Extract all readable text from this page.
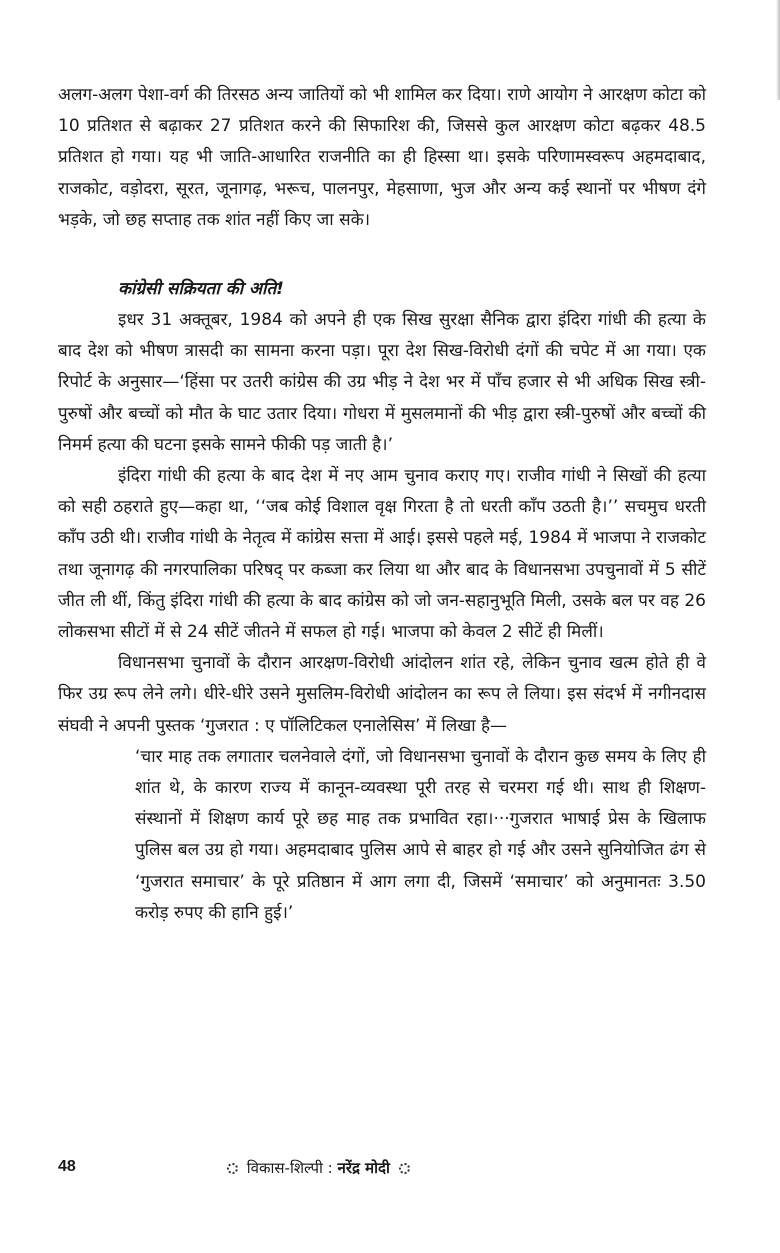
अलग-अलग पेशा-वर्ग की तिरसठ अन्य जातियों को भी शामिल कर दिया। राणे आयोग ने आरक्षण कोटा को 10 प्रतिशत से बढ़ाकर 27 प्रतिशत करने की सिफारिश की, जिससे कुल आरक्षण कोटा बढ़कर 48.5 प्रतिशत हो गया। यह भी जाति-आधारित राजनीति का ही हिस्सा था। इसके परिणामस्वरूप अहमदाबाद, राजकोट, वड़ोदरा, सूरत, जूनागढ़, भरूच, पालनपुर, मेहसाणा, भुज और अन्य कई स्थानों पर भीषण दंगे भड़के, जो छह सप्ताह तक शांत नहीं किए जा सके।

कांग्रेसी सक्रियता की अति!

इधर 31 अक्तूबर, 1984 को अपने ही एक सिख सुरक्षा सैनिक द्वारा इंदिरा गांधी की हत्या के बाद देश को भीषण त्रासदी का सामना करना पड़ा। पूरा देश सिख-विरोधी दंगों की चपेट में आ गया। एक रिपोर्ट के अनुसार—‘हिंसा पर उतरी कांग्रेस की उग्र भीड़ ने देश भर में पाँच हजार से भी अधिक सिख स्त्री-पुरुषों और बच्चों को मौत के घाट उतार दिया। गोधरा में मुसलमानों की भीड़ द्वारा स्त्री-पुरुषों और बच्चों की निमर्म हत्या की घटना इसके सामने फीकी पड़ जाती है।’

इंदिरा गांधी की हत्या के बाद देश में नए आम चुनाव कराए गए। राजीव गांधी ने सिखों की हत्या को सही ठहराते हुए—कहा था, ‘‘जब कोई विशाल वृक्ष गिरता है तो धरती काँप उठती है।’’ सचमुच धरती काँप उठी थी। राजीव गांधी के नेतृत्व में कांग्रेस सत्ता में आई। इससे पहले मई, 1984 में भाजपा ने राजकोट तथा जूनागढ़ की नगरपालिका परिषद् पर कब्जा कर लिया था और बाद के विधानसभा उपचुनावों में 5 सीटें जीत ली थीं, किंतु इंदिरा गांधी की हत्या के बाद कांग्रेस को जो जन-सहानुभूति मिली, उसके बल पर वह 26 लोकसभा सीटों में से 24 सीटें जीतने में सफल हो गई। भाजपा को केवल 2 सीटें ही मिलीं।

विधानसभा चुनावों के दौरान आरक्षण-विरोधी आंदोलन शांत रहे, लेकिन चुनाव खत्म होते ही वे फिर उग्र रूप लेने लगे। धीरे-धीरे उसने मुसलिम-विरोधी आंदोलन का रूप ले लिया। इस संदर्भ में नगीनदास संघवी ने अपनी पुस्तक ‘गुजरात : ए पॉलिटिकल एनालेसिस’ में लिखा है—

‘चार माह तक लगातार चलनेवाले दंगों, जो विधानसभा चुनावों के दौरान कुछ समय के लिए ही शांत थे, के कारण राज्य में कानून-व्यवस्था पूरी तरह से चरमरा गई थी। साथ ही शिक्षण-संस्थानों में शिक्षण कार्य पूरे छह माह तक प्रभावित रहा।···गुजरात भाषाई प्रेस के खिलाफ पुलिस बल उग्र हो गया। अहमदाबाद पुलिस आपे से बाहर हो गई और उसने सुनियोजित ढंग से ‘गुजरात समाचार’ के पूरे प्रतिष्ठान में आग लगा दी, जिसमें ‘समाचार’ को अनुमानतः 3.50 करोड़ रुपए की हानि हुई।’

48	विकास-शिल्पी : नरेंद्र मोदी
